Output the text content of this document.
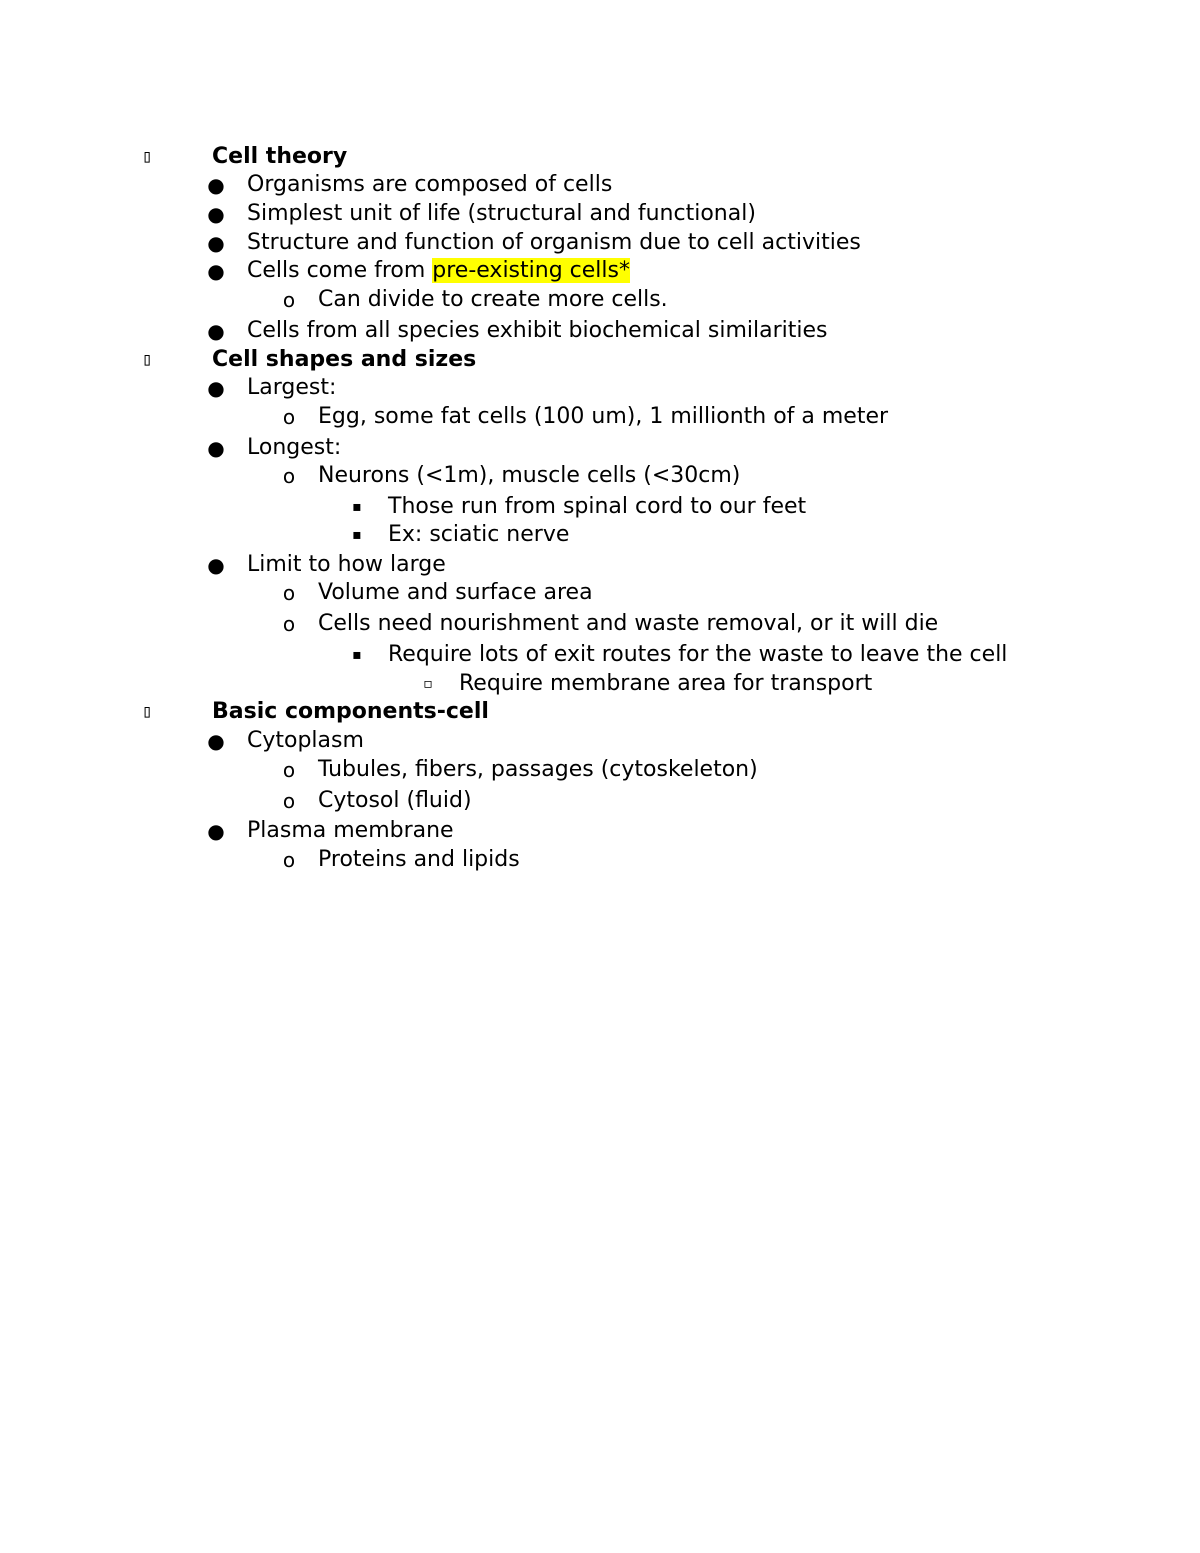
▯	Cell theory
● Organisms are composed of cells
● Simplest unit of life (structural and functional)
● Structure and function of organism due to cell activities
● Cells come from pre-existing cells*
o Can divide to create more cells.
● Cells from all species exhibit biochemical similarities
▯	Cell shapes and sizes
● Largest:
o Egg, some fat cells (100 um), 1 millionth of a meter
● Longest:
o Neurons (<1m), muscle cells (<30cm)
▪ Those run from spinal cord to our feet
▪ Ex: sciatic nerve
● Limit to how large
o Volume and surface area
o Cells need nourishment and waste removal, or it will die
▪ Require lots of exit routes for the waste to leave the cell
▫ Require membrane area for transport
▯	Basic components-cell
● Cytoplasm
o Tubules, fibers, passages (cytoskeleton)
o Cytosol (fluid)
● Plasma membrane
o Proteins and lipids
